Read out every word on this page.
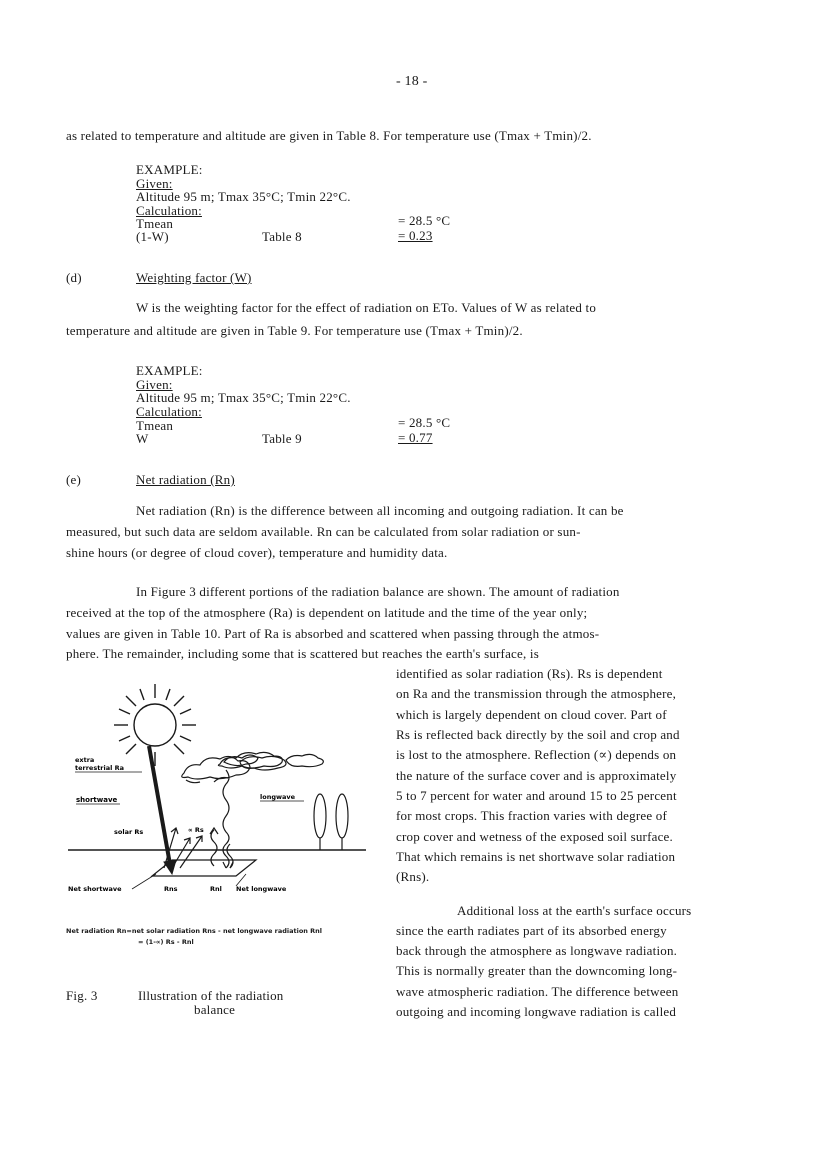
- 18 -
as related to temperature and altitude are given in Table 8. For temperature use (Tmax + Tmin)/2.
EXAMPLE:
Given:
Altitude 95 m; Tmax 35°C; Tmin 22°C.
Calculation:
Tmean	= 28.5 °C
(1-W)	Table 8	= 0.23
(d)	Weighting factor (W)
W is the weighting factor for the effect of radiation on ETo. Values of W as related to
temperature and altitude are given in Table 9. For temperature use (Tmax + Tmin)/2.
EXAMPLE:
Given:
Altitude 95 m; Tmax 35°C; Tmin 22°C.
Calculation:
Tmean	= 28.5 °C
W	Table 9	= 0.77
(e)	Net radiation (Rn)
Net radiation (Rn) is the difference between all incoming and outgoing radiation. It can be
measured, but such data are seldom available. Rn can be calculated from solar radiation or sun-
shine hours (or degree of cloud cover), temperature and humidity data.
In Figure 3 different portions of the radiation balance are shown. The amount of radiation
received at the top of the atmosphere (Ra) is dependent on latitude and the time of the year only;
values are given in Table 10. Part of Ra is absorbed and scattered when passing through the atmos-
phere. The remainder, including some that is scattered but reaches the earth's surface, is
identified as solar radiation (Rs). Rs is dependent
on Ra and the transmission through the atmosphere,
which is largely dependent on cloud cover. Part of
Rs is reflected back directly by the soil and crop and
is lost to the atmosphere. Reflection (∝) depends on
the nature of the surface cover and is approximately
5 to 7 percent for water and around 15 to 25 percent
for most crops. This fraction varies with degree of
crop cover and wetness of the exposed soil surface.
That which remains is net shortwave solar radiation
(Rns).
Additional loss at the earth's surface occurs
since the earth radiates part of its absorbed energy
back through the atmosphere as longwave radiation.
This is normally greater than the downcoming long-
wave atmospheric radiation. The difference between
outgoing and incoming longwave radiation is called
extra
terrestrial Ra
shortwave	longwave
solar Rs	∝ Rs
Rns	Rnl
Net shortwave	Net longwave
Net radiation Rn=net solar radiation Rns - net longwave radiation Rnl
= (1-∝) Rs - Rnl
Fig. 3	Illustration of the radiation
balance
